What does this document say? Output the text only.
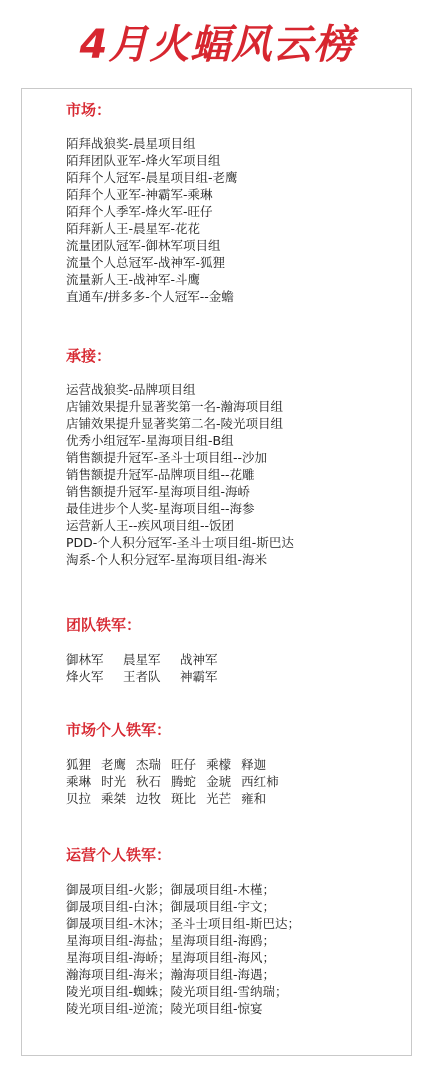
4月火蝠风云榜
市场：
陌拜战狼奖-晨星项目组
陌拜团队亚军-烽火军项目组
陌拜个人冠军-晨星项目组-老鹰
陌拜个人亚军-神霸军-乘琳
陌拜个人季军-烽火军-旺仔
陌拜新人王-晨星军-花花
流量团队冠军-御林军项目组
流量个人总冠军-战神军-狐狸
流量新人王-战神军-斗鹰
直通车/拼多多-个人冠军--金蟾
承接：
运营战狼奖-品牌项目组
店铺效果提升显著奖第一名-瀚海项目组
店铺效果提升显著奖第二名-陵光项目组
优秀小组冠军-星海项目组-B组
销售额提升冠军-圣斗士项目组--沙加
销售额提升冠军-品牌项目组--花雕
销售额提升冠军-星海项目组-海峤
最佳进步个人奖-星海项目组--海参
运营新人王--疾风项目组--饭团
PDD-个人积分冠军-圣斗士项目组-斯巴达
淘系-个人积分冠军-星海项目组-海米
团队铁军：
御林军 晨星军 战神军
烽火军 王者队 神霸军
市场个人铁军：
狐狸 老鹰 杰瑞 旺仔 乘檬 释迦
乘琳 时光 秋石 腾蛇 金琥 西红柿
贝拉 乘桀 边牧 斑比 光芒 雍和
运营个人铁军：
御晟项目组-火影；御晟项目组-木槿；
御晟项目组-白沐；御晟项目组-宇文；
御晟项目组-木沐；圣斗士项目组-斯巴达；
星海项目组-海盐；星海项目组-海鸥；
星海项目组-海峤；星海项目组-海风；
瀚海项目组-海米；瀚海项目组-海遇；
陵光项目组-蜘蛛；陵光项目组-雪纳瑞；
陵光项目组-逆流；陵光项目组-惊宴
